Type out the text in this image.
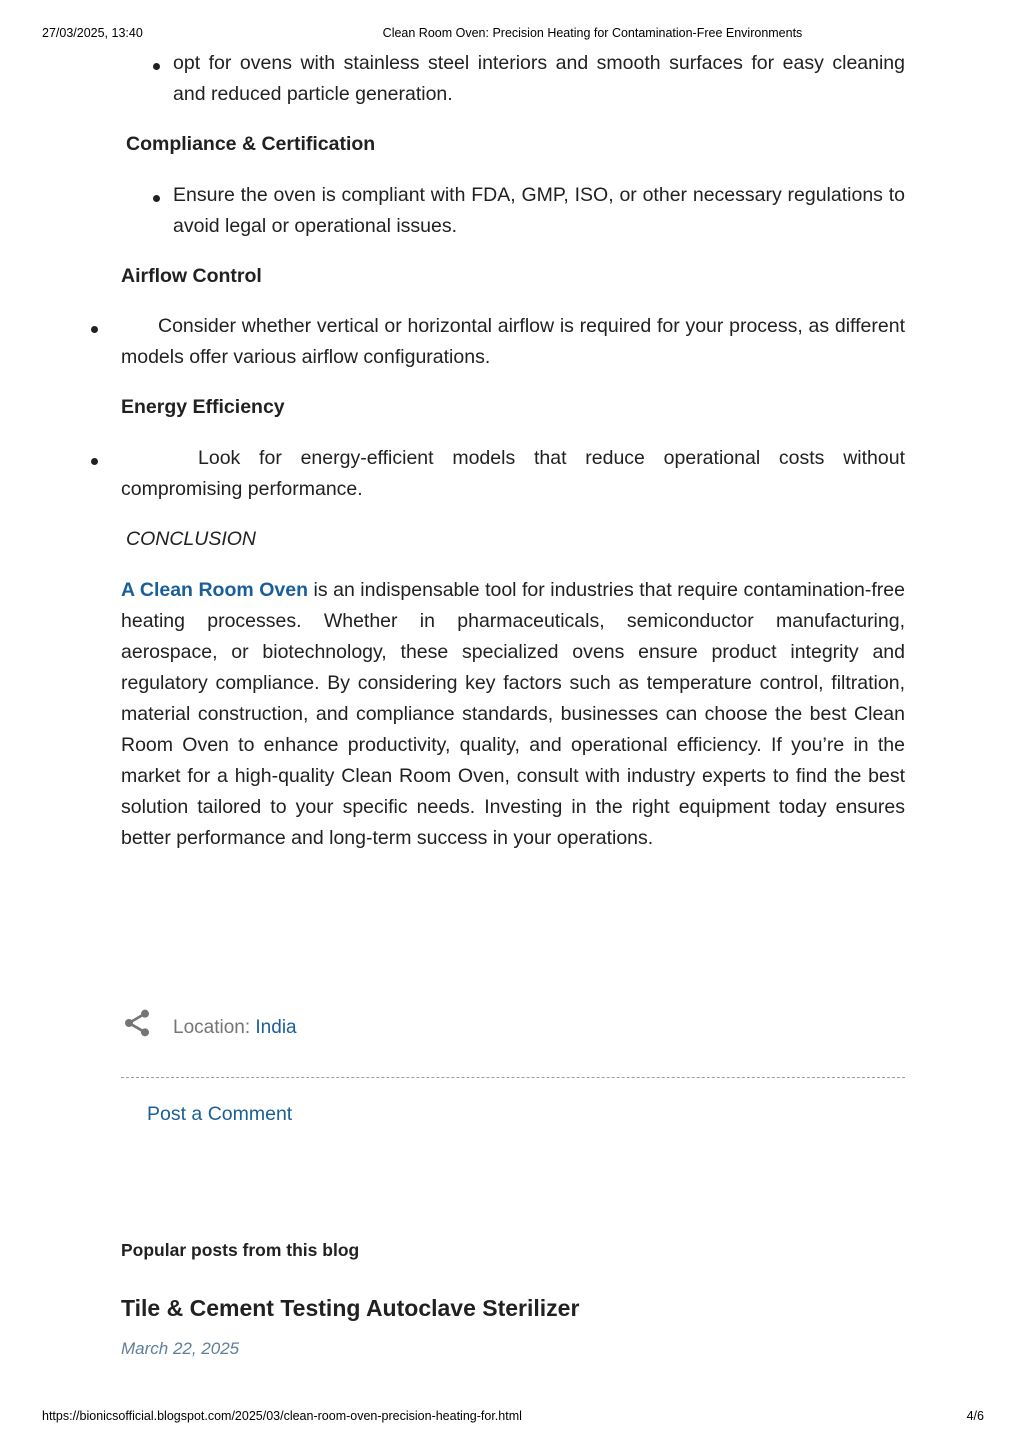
27/03/2025, 13:40	Clean Room Oven: Precision Heating for Contamination-Free Environments
opt for ovens with stainless steel interiors and smooth surfaces for easy cleaning and reduced particle generation.
Compliance & Certification
Ensure the oven is compliant with FDA, GMP, ISO, or other necessary regulations to avoid legal or operational issues.
Airflow Control
Consider whether vertical or horizontal airflow is required for your process, as different models offer various airflow configurations.
Energy Efficiency
Look for energy-efficient models that reduce operational costs without compromising performance.
CONCLUSION
A Clean Room Oven is an indispensable tool for industries that require contamination-free heating processes. Whether in pharmaceuticals, semiconductor manufacturing, aerospace, or biotechnology, these specialized ovens ensure product integrity and regulatory compliance. By considering key factors such as temperature control, filtration, material construction, and compliance standards, businesses can choose the best Clean Room Oven to enhance productivity, quality, and operational efficiency. If you’re in the market for a high-quality Clean Room Oven, consult with industry experts to find the best solution tailored to your specific needs. Investing in the right equipment today ensures better performance and long-term success in your operations.
Location: India
Post a Comment
Popular posts from this blog
Tile & Cement Testing Autoclave Sterilizer
March 22, 2025
https://bionicsofficial.blogspot.com/2025/03/clean-room-oven-precision-heating-for.html	4/6
